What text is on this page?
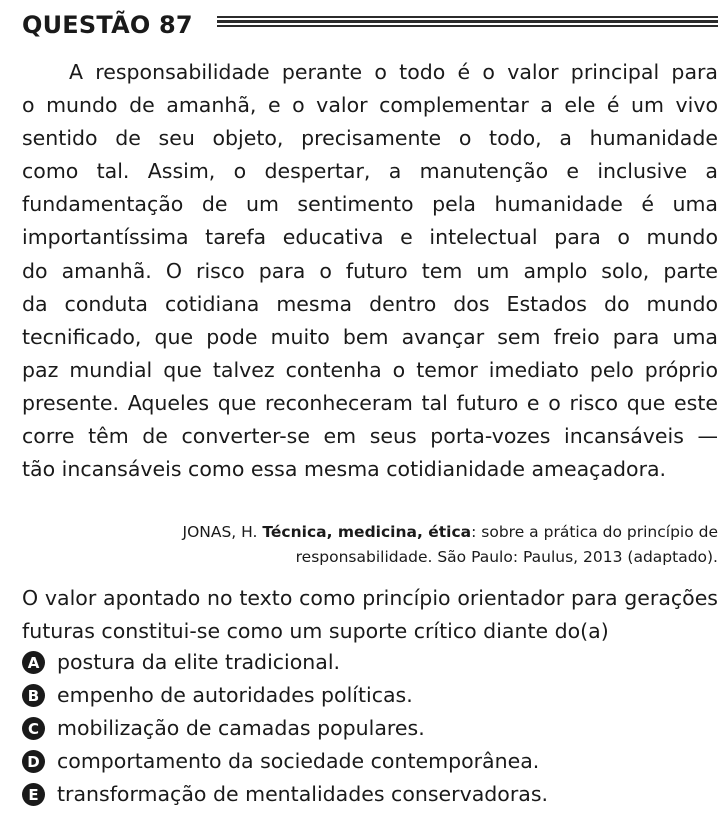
QUESTÃO 87
A responsabilidade perante o todo é o valor principal para
o mundo de amanhã, e o valor complementar a ele é um vivo
sentido de seu objeto, precisamente o todo, a humanidade
como tal. Assim, o despertar, a manutenção e inclusive a
fundamentação de um sentimento pela humanidade é uma
importantíssima tarefa educativa e intelectual para o mundo
do amanhã. O risco para o futuro tem um amplo solo, parte
da conduta cotidiana mesma dentro dos Estados do mundo
tecnificado, que pode muito bem avançar sem freio para uma
paz mundial que talvez contenha o temor imediato pelo próprio
presente. Aqueles que reconheceram tal futuro e o risco que este
corre têm de converter-se em seus porta-vozes incansáveis —
tão incansáveis como essa mesma cotidianidade ameaçadora.
JONAS, H. Técnica, medicina, ética: sobre a prática do princípio de
responsabilidade. São Paulo: Paulus, 2013 (adaptado).
O valor apontado no texto como princípio orientador para gerações
futuras constitui-se como um suporte crítico diante do(a)
A postura da elite tradicional.
B empenho de autoridades políticas.
C mobilização de camadas populares.
D comportamento da sociedade contemporânea.
E transformação de mentalidades conservadoras.
